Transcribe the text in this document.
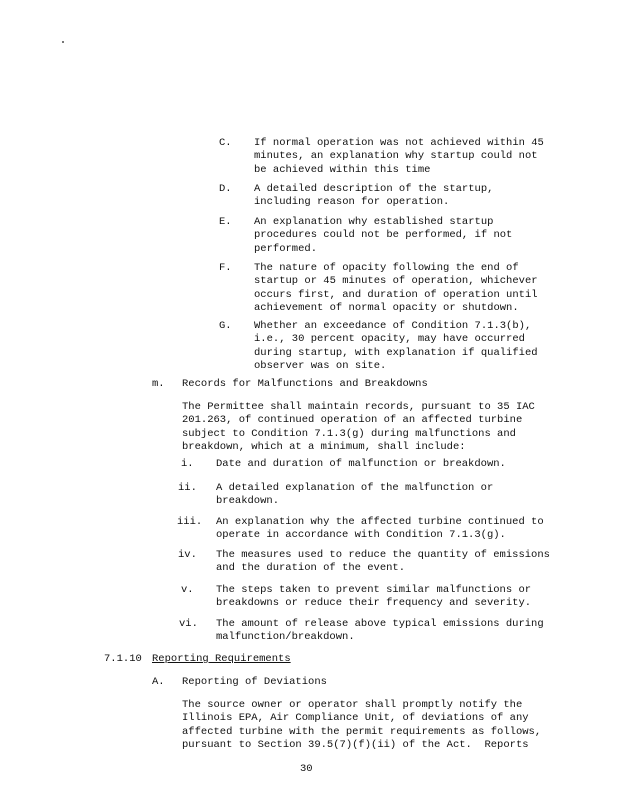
C. If normal operation was not achieved within 45
minutes, an explanation why startup could not
be achieved within this time
D. A detailed description of the startup,
including reason for operation.
E. An explanation why established startup
procedures could not be performed, if not
performed.
F. The nature of opacity following the end of
startup or 45 minutes of operation, whichever
occurs first, and duration of operation until
achievement of normal opacity or shutdown.
G. Whether an exceedance of Condition 7.1.3(b),
i.e., 30 percent opacity, may have occurred
during startup, with explanation if qualified
observer was on site.
m. Records for Malfunctions and Breakdowns
The Permittee shall maintain records, pursuant to 35 IAC
201.263, of continued operation of an affected turbine
subject to Condition 7.1.3(g) during malfunctions and
breakdown, which at a minimum, shall include:
i. Date and duration of malfunction or breakdown.
ii. A detailed explanation of the malfunction or
breakdown.
iii. An explanation why the affected turbine continued to
operate in accordance with Condition 7.1.3(g).
iv. The measures used to reduce the quantity of emissions
and the duration of the event.
v. The steps taken to prevent similar malfunctions or
breakdowns or reduce their frequency and severity.
vi. The amount of release above typical emissions during
malfunction/breakdown.
7.1.10 Reporting Requirements
A. Reporting of Deviations
The source owner or operator shall promptly notify the
Illinois EPA, Air Compliance Unit, of deviations of any
affected turbine with the permit requirements as follows,
pursuant to Section 39.5(7)(f)(ii) of the Act.  Reports
30
